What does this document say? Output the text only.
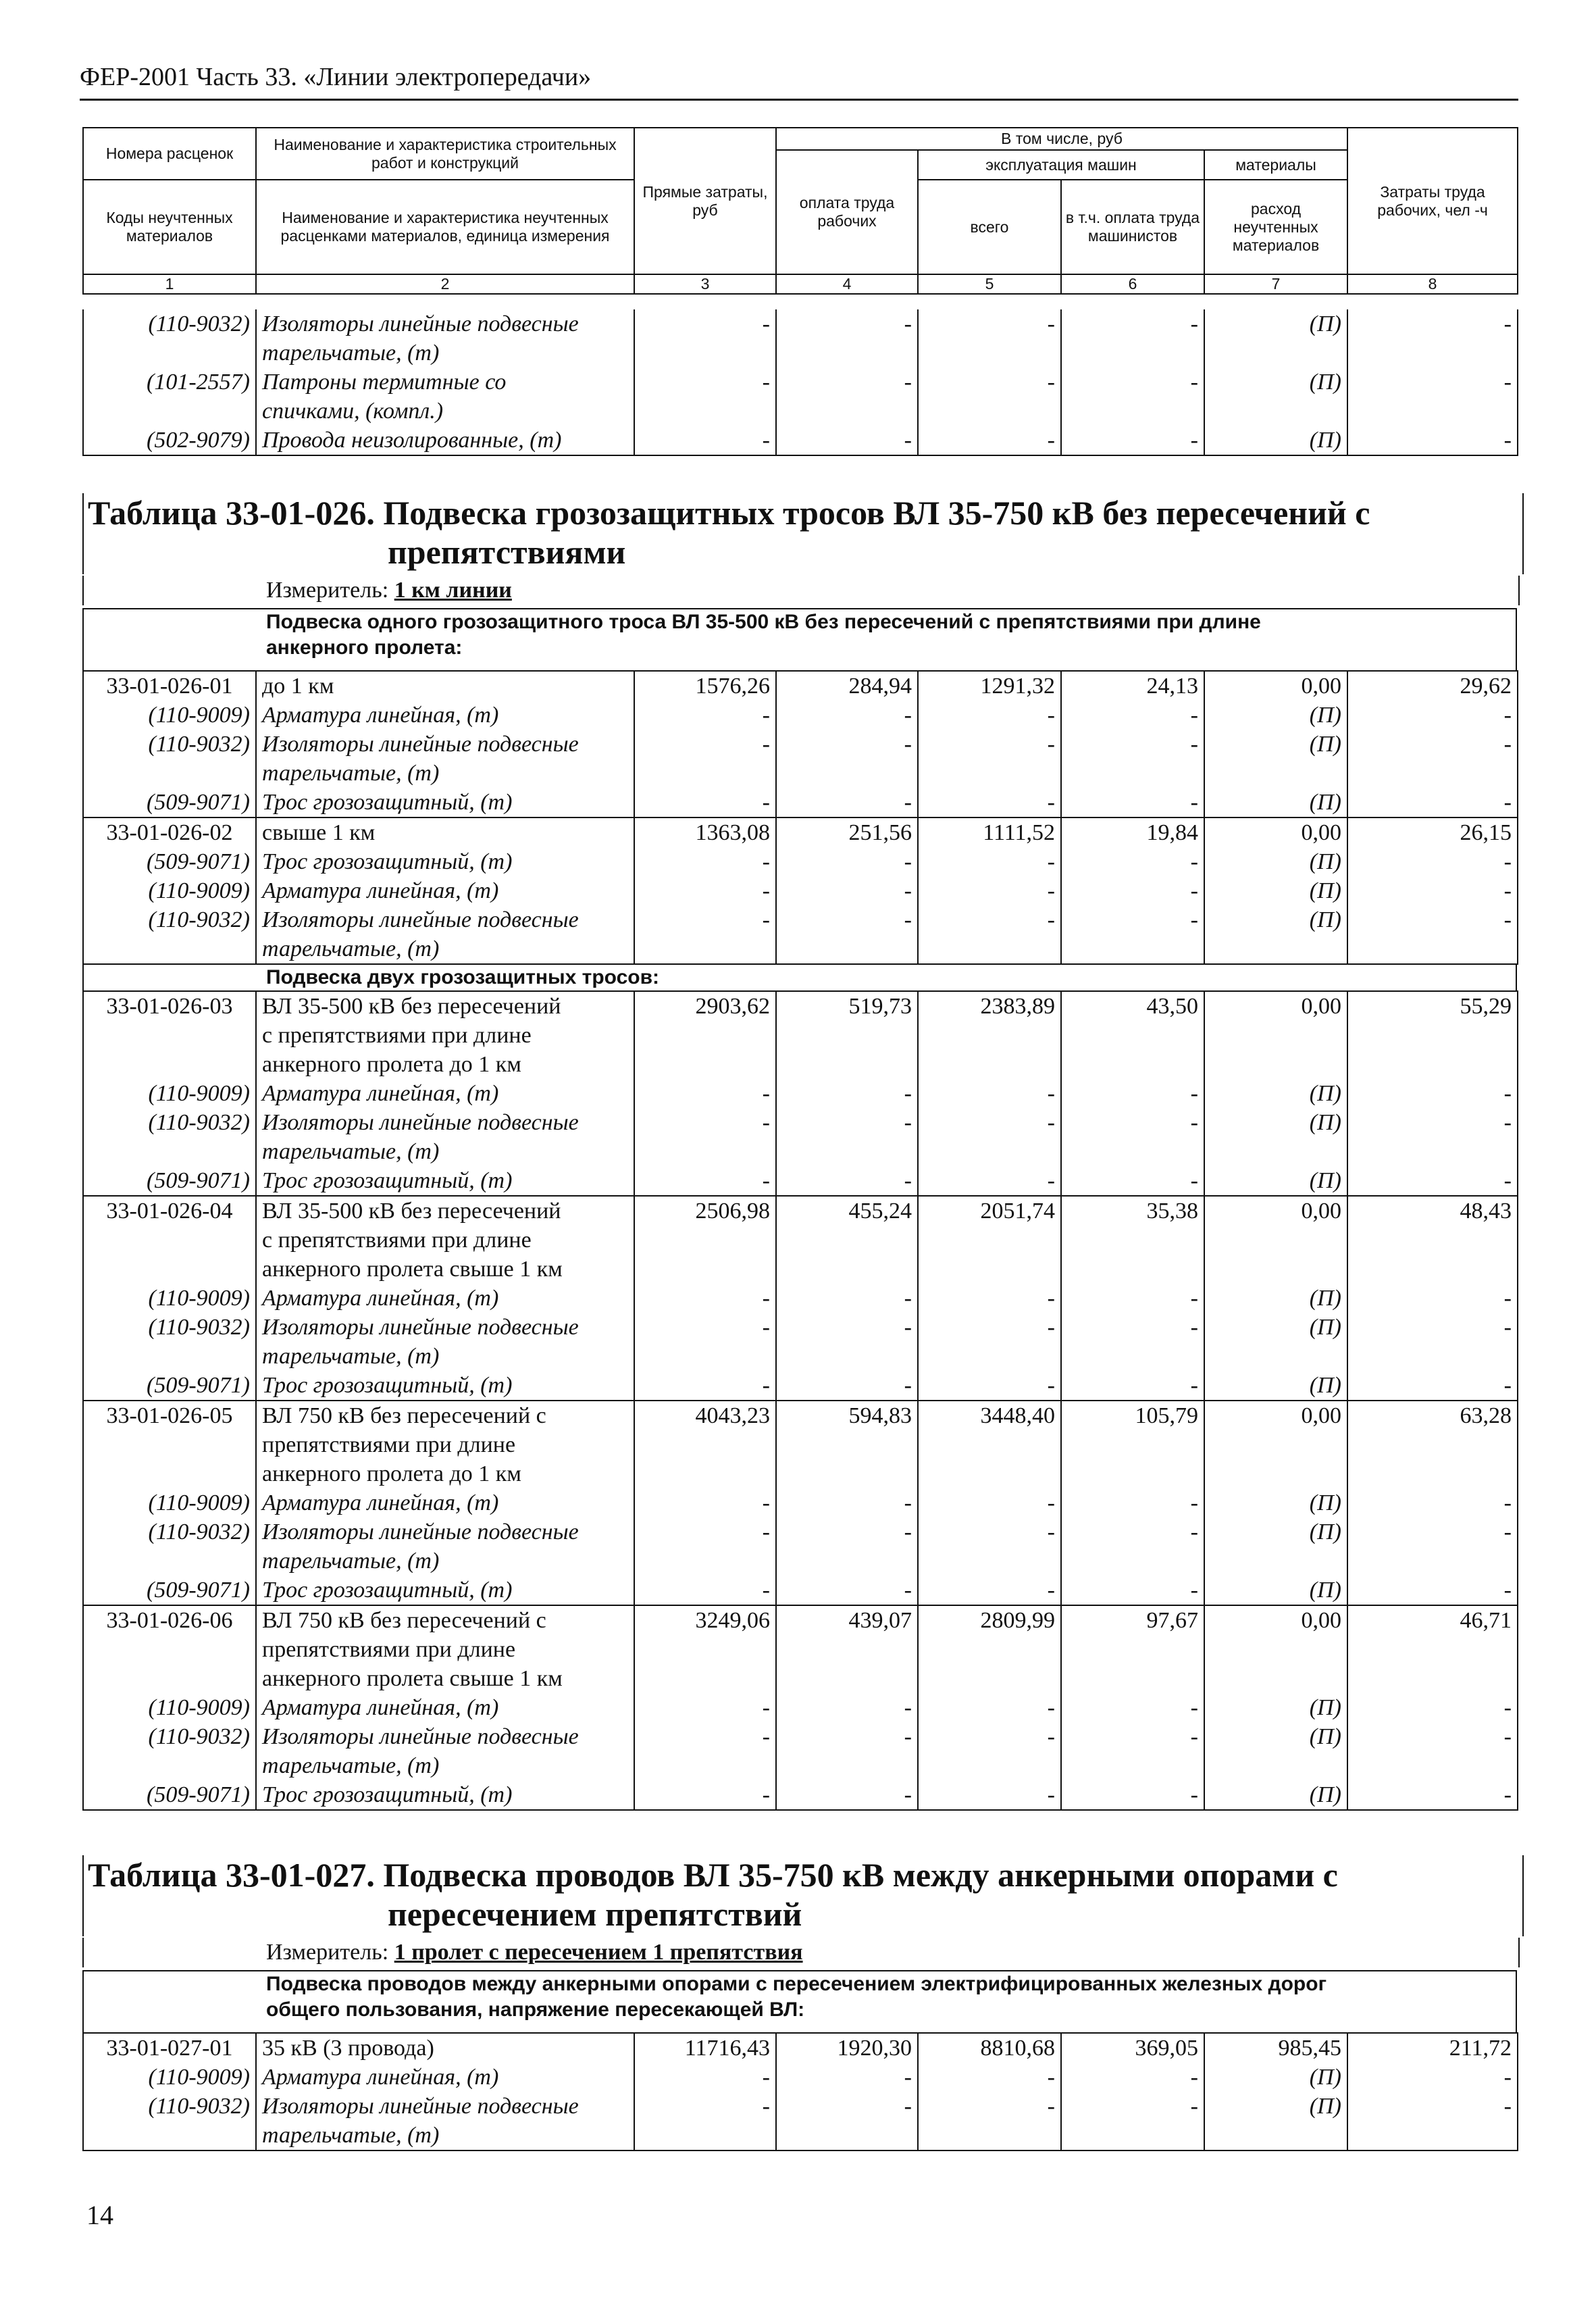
ФЕР-2001 Часть 33. «Линии электропередачи»
Номера расценок	Наименование и характеристика строительных работ и конструкций	Прямые затраты, руб	В том числе, руб				Затраты труда рабочих, чел -ч
			оплата труда рабочих	эксплуатация машин		материалы	
Коды неучтенных материалов	Наименование и характеристика неучтенных расценками материалов, единица измерения			всего	в т.ч. оплата труда машинистов	расход неучтенных материалов	

1	2	3	4	5	6	7	8
(110-9032)	Изоляторы линейные подвесные	-	-	-	-	(П)	-
	тарельчатые, (т)						
(101-2557)	Патроны термитные со	-	-	-	-	(П)	-
	спичками, (компл.)						
(502-9079)	Провода неизолированные, (т)	-	-	-	-	(П)	-
Таблица 33-01-026. Подвеска грозозащитных тросов ВЛ 35-750 кВ без пересечений с
препятствиями
Измеритель: 1 км линии
Подвеска одного грозозащитного троса ВЛ 35-500 кВ без пересечений с препятствиями при длине
анкерного пролета:
33-01-026-01	до 1 км	1576,26	284,94	1291,32	24,13	0,00	29,62
(110-9009)	Арматура линейная, (т)	-	-	-	-	(П)	-
(110-9032)	Изоляторы линейные подвесные	-	-	-	-	(П)	-
	тарельчатые, (т)						
(509-9071)	Трос грозозащитный, (т)	-	-	-	-	(П)	-
33-01-026-02	свыше 1 км	1363,08	251,56	1111,52	19,84	0,00	26,15
(509-9071)	Трос грозозащитный, (т)	-	-	-	-	(П)	-
(110-9009)	Арматура линейная, (т)	-	-	-	-	(П)	-
(110-9032)	Изоляторы линейные подвесные	-	-	-	-	(П)	-
	тарельчатые, (т)						
Подвеска двух грозозащитных тросов:
33-01-026-03	ВЛ 35-500 кВ без пересечений	2903,62	519,73	2383,89	43,50	0,00	55,29
	с препятствиями при длине						
	анкерного пролета до 1 км						
(110-9009)	Арматура линейная, (т)	-	-	-	-	(П)	-
(110-9032)	Изоляторы линейные подвесные	-	-	-	-	(П)	-
	тарельчатые, (т)						
(509-9071)	Трос грозозащитный, (т)	-	-	-	-	(П)	-
33-01-026-04	ВЛ 35-500 кВ без пересечений	2506,98	455,24	2051,74	35,38	0,00	48,43
	с препятствиями при длине						
	анкерного пролета свыше 1 км						
(110-9009)	Арматура линейная, (т)	-	-	-	-	(П)	-
(110-9032)	Изоляторы линейные подвесные	-	-	-	-	(П)	-
	тарельчатые, (т)						
(509-9071)	Трос грозозащитный, (т)	-	-	-	-	(П)	-
33-01-026-05	ВЛ 750 кВ без пересечений с	4043,23	594,83	3448,40	105,79	0,00	63,28
	препятствиями при длине						
	анкерного пролета до 1 км						
(110-9009)	Арматура линейная, (т)	-	-	-	-	(П)	-
(110-9032)	Изоляторы линейные подвесные	-	-	-	-	(П)	-
	тарельчатые, (т)						
(509-9071)	Трос грозозащитный, (т)	-	-	-	-	(П)	-
33-01-026-06	ВЛ 750 кВ без пересечений с	3249,06	439,07	2809,99	97,67	0,00	46,71
	препятствиями при длине						
	анкерного пролета свыше 1 км						
(110-9009)	Арматура линейная, (т)	-	-	-	-	(П)	-
(110-9032)	Изоляторы линейные подвесные	-	-	-	-	(П)	-
	тарельчатые, (т)						
(509-9071)	Трос грозозащитный, (т)	-	-	-	-	(П)	-
Таблица 33-01-027. Подвеска проводов ВЛ 35-750 кВ между анкерными опорами с
пересечением препятствий
Измеритель: 1 пролет с пересечением 1 препятствия
Подвеска проводов между анкерными опорами с пересечением электрифицированных железных дорог
общего пользования, напряжение пересекающей ВЛ:
33-01-027-01	35 кВ (3 провода)	11716,43	1920,30	8810,68	369,05	985,45	211,72
(110-9009)	Арматура линейная, (т)	-	-	-	-	(П)	-
(110-9032)	Изоляторы линейные подвесные	-	-	-	-	(П)	-
	тарельчатые, (т)						
14
